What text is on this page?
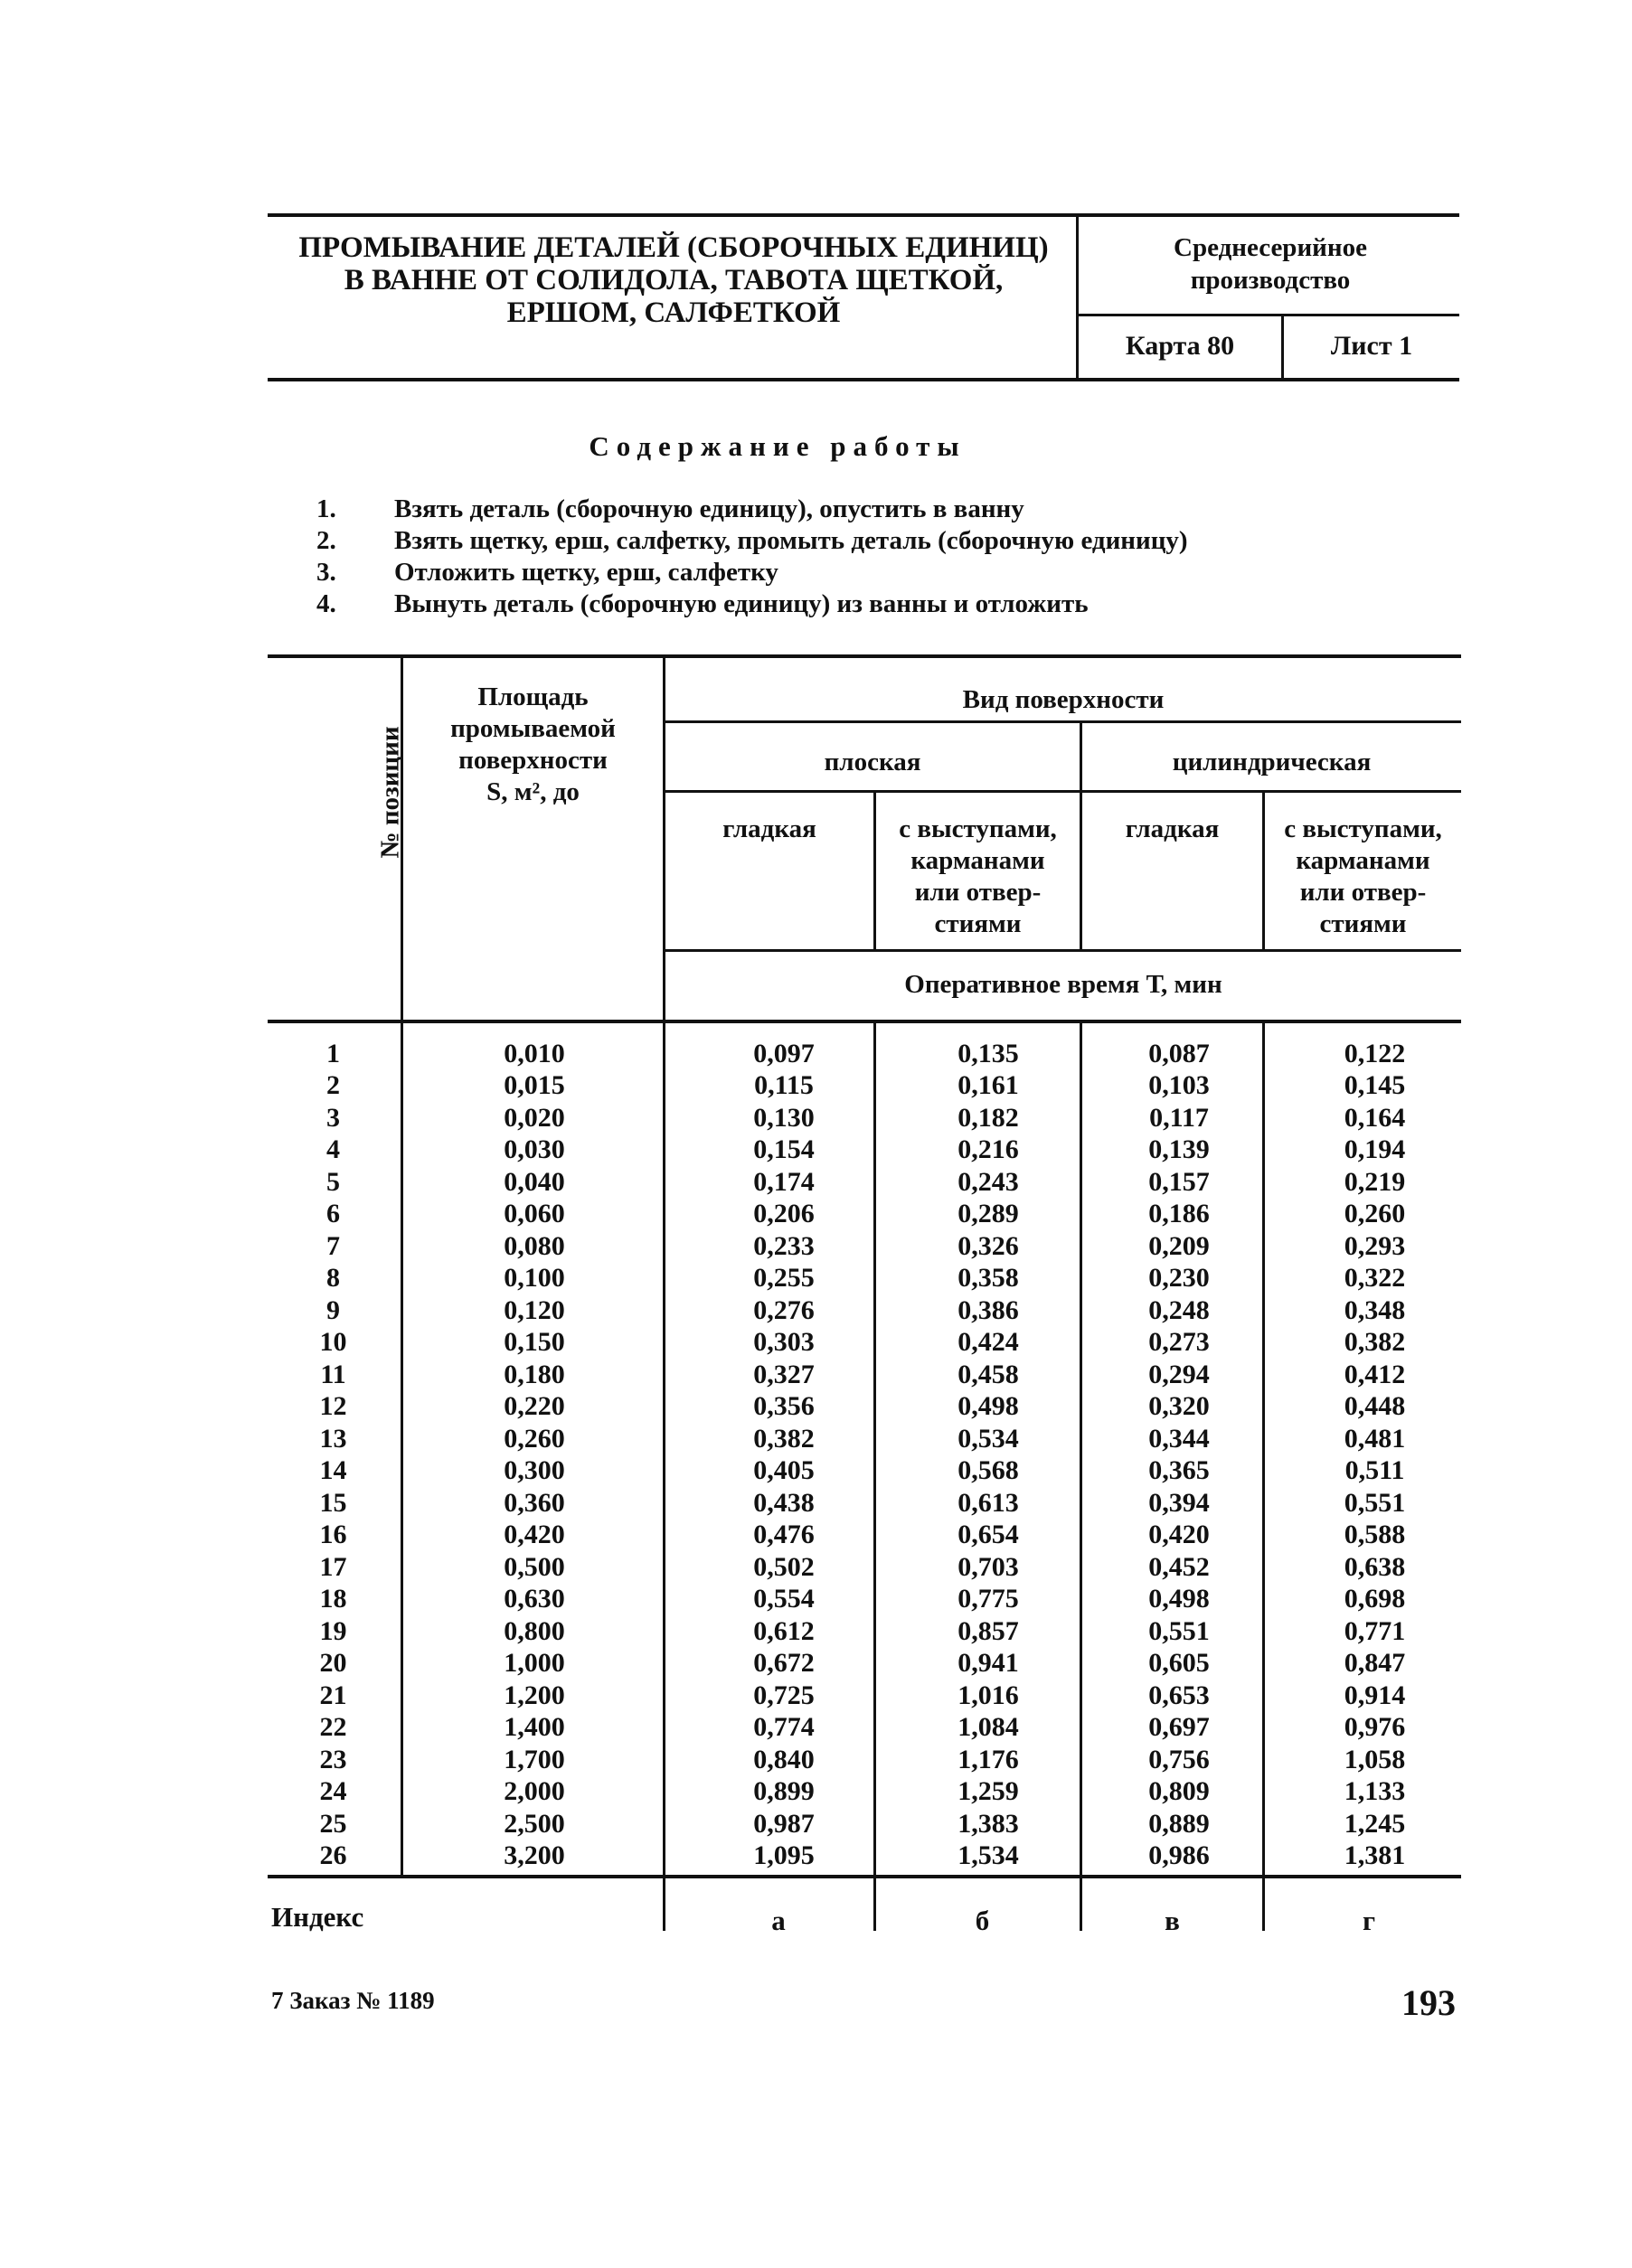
ПРОМЫВАНИЕ ДЕТАЛЕЙ (СБОРОЧНЫХ ЕДИНИЦ)
В ВАННЕ ОТ СОЛИДОЛА, ТАВОТА ЩЕТКОЙ,
ЕРШОМ, САЛФЕТКОЙ
Среднесерийное
производство
Карта 80	Лист 1
Содержание работы
1.	Взять деталь (сборочную единицу), опустить в ванну
2.	Взять щетку, ерш, салфетку, промыть деталь (сборочную единицу)
3.	Отложить щетку, ерш, салфетку
4.	Вынуть деталь (сборочную единицу) из ванны и отложить
№ позиции
Площадь
промываемой
поверхности
S, м², до
Вид поверхности
плоская	цилиндрическая
гладкая	с выступами,
карманами
или отвер-
стиями
гладкая	с выступами,
карманами
или отвер-
стиями
Оперативное время Т, мин
1	0,010	0,097	0,135	0,087	0,122
2	0,015	0,115	0,161	0,103	0,145
3	0,020	0,130	0,182	0,117	0,164
4	0,030	0,154	0,216	0,139	0,194
5	0,040	0,174	0,243	0,157	0,219
6	0,060	0,206	0,289	0,186	0,260
7	0,080	0,233	0,326	0,209	0,293
8	0,100	0,255	0,358	0,230	0,322
9	0,120	0,276	0,386	0,248	0,348
10	0,150	0,303	0,424	0,273	0,382
11	0,180	0,327	0,458	0,294	0,412
12	0,220	0,356	0,498	0,320	0,448
13	0,260	0,382	0,534	0,344	0,481
14	0,300	0,405	0,568	0,365	0,511
15	0,360	0,438	0,613	0,394	0,551
16	0,420	0,476	0,654	0,420	0,588
17	0,500	0,502	0,703	0,452	0,638
18	0,630	0,554	0,775	0,498	0,698
19	0,800	0,612	0,857	0,551	0,771
20	1,000	0,672	0,941	0,605	0,847
21	1,200	0,725	1,016	0,653	0,914
22	1,400	0,774	1,084	0,697	0,976
23	1,700	0,840	1,176	0,756	1,058
24	2,000	0,899	1,259	0,809	1,133
25	2,500	0,987	1,383	0,889	1,245
26	3,200	1,095	1,534	0,986	1,381
Индекс	а	б	в	г
7 Заказ № 1189	193
